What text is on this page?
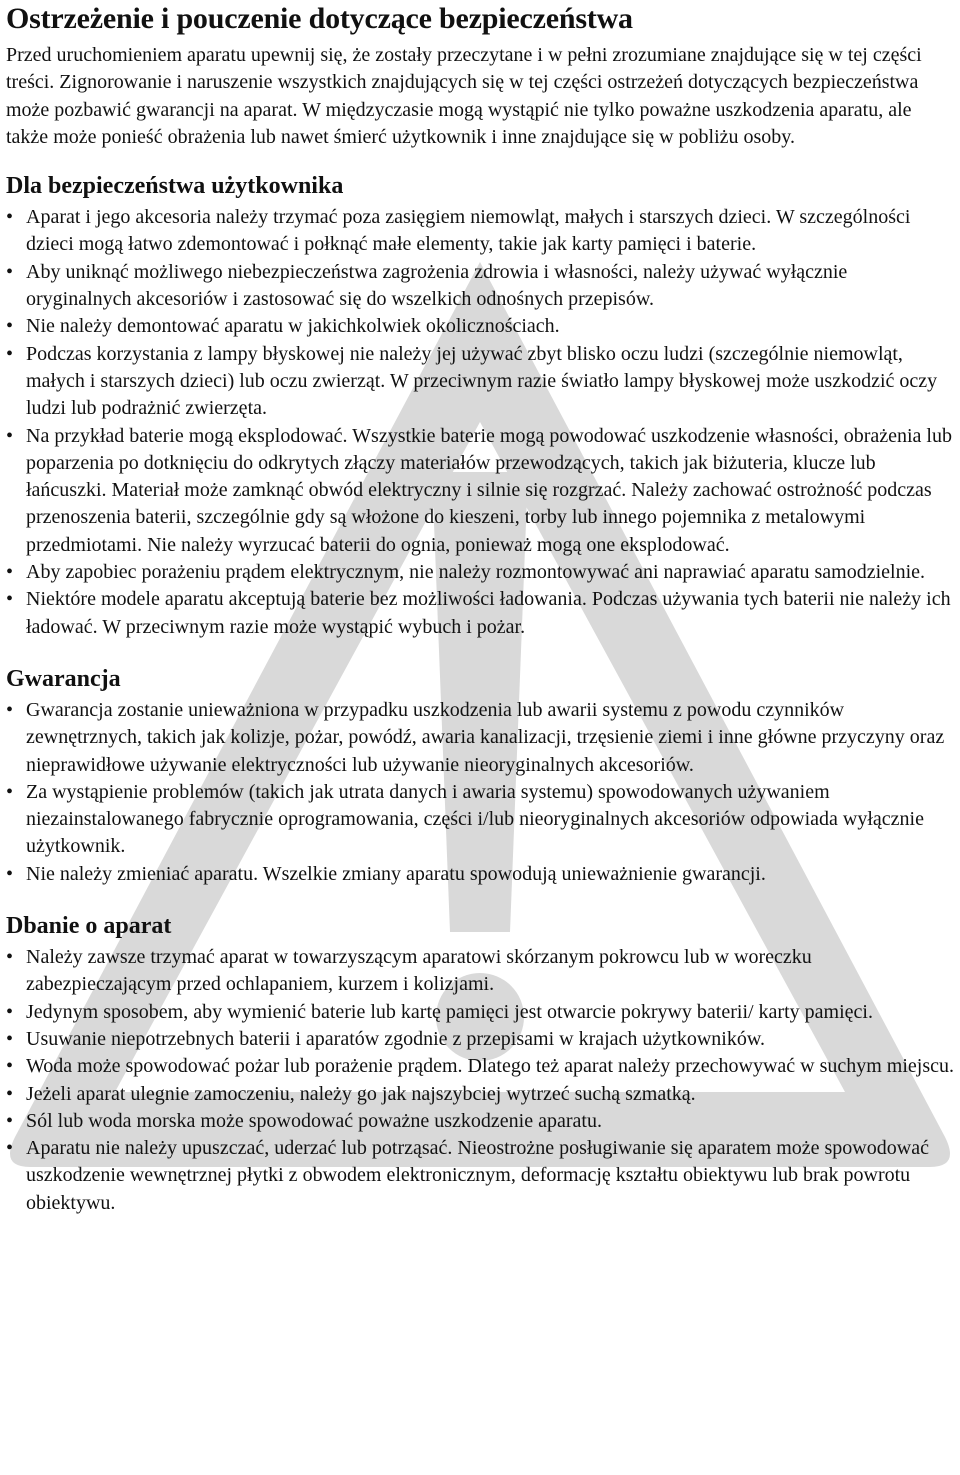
Ostrzeżenie i pouczenie dotyczące bezpieczeństwa

Przed uruchomieniem aparatu upewnij się, że zostały przeczytane i w pełni zrozumiane znajdujące się w tej części treści. Zignorowanie i naruszenie wszystkich znajdujących się w tej części ostrzeżeń dotyczących bezpieczeństwa może pozbawić gwarancji na aparat. W międzyczasie mogą wystąpić nie tylko poważne uszkodzenia aparatu, ale także może ponieść obrażenia lub nawet śmierć użytkownik i inne znajdujące się w pobliżu osoby.

Dla bezpieczeństwa użytkownika
• Aparat i jego akcesoria należy trzymać poza zasięgiem niemowląt, małych i starszych dzieci. W szczególności dzieci mogą łatwo zdemontować i połknąć małe elementy, takie jak karty pamięci i baterie.
• Aby uniknąć możliwego niebezpieczeństwa zagrożenia zdrowia i własności, należy używać wyłącznie oryginalnych akcesoriów i zastosować się do wszelkich odnośnych przepisów.
• Nie należy demontować aparatu w jakichkolwiek okolicznościach.
• Podczas korzystania z lampy błyskowej nie należy jej używać zbyt blisko oczu ludzi (szczególnie niemowląt, małych i starszych dzieci) lub oczu zwierząt. W przeciwnym razie światło lampy błyskowej może uszkodzić oczy ludzi lub podrażnić zwierzęta.
• Na przykład baterie mogą eksplodować. Wszystkie baterie mogą powodować uszkodzenie własności, obrażenia lub poparzenia po dotknięciu do odkrytych złączy materiałów przewodzących, takich jak biżuteria, klucze lub łańcuszki. Materiał może zamknąć obwód elektryczny i silnie się rozgrzać. Należy zachować ostrożność podczas przenoszenia baterii, szczególnie gdy są włożone do kieszeni, torby lub innego pojemnika z metalowymi przedmiotami. Nie należy wyrzucać baterii do ognia, ponieważ mogą one eksplodować.
• Aby zapobiec porażeniu prądem elektrycznym, nie należy rozmontowywać ani naprawiać aparatu samodzielnie.
• Niektóre modele aparatu akceptują baterie bez możliwości ładowania. Podczas używania tych baterii nie należy ich ładować. W przeciwnym razie może wystąpić wybuch i pożar.
Gwarancja
• Gwarancja zostanie unieważniona w przypadku uszkodzenia lub awarii systemu z powodu czynników zewnętrznych, takich jak kolizje, pożar, powódź, awaria kanalizacji, trzęsienie ziemi i inne główne przyczyny oraz nieprawidłowe używanie elektryczności lub używanie nieoryginalnych akcesoriów.
• Za wystąpienie problemów (takich jak utrata danych i awaria systemu) spowodowanych używaniem niezainstalowanego fabrycznie oprogramowania, części i/lub nieoryginalnych akcesoriów odpowiada wyłącznie użytkownik.
• Nie należy zmieniać aparatu. Wszelkie zmiany aparatu spowodują unieważnienie gwarancji.
Dbanie o aparat
• Należy zawsze trzymać aparat w towarzyszącym aparatowi skórzanym pokrowcu lub w woreczku zabezpieczającym przed ochlapaniem, kurzem i kolizjami.
• Jedynym sposobem, aby wymienić baterie lub kartę pamięci jest otwarcie pokrywy baterii/ karty pamięci.
• Usuwanie niepotrzebnych baterii i aparatów zgodnie z przepisami w krajach użytkowników.
• Woda może spowodować pożar lub porażenie prądem. Dlatego też aparat należy przechowywać w suchym miejscu.
• Jeżeli aparat ulegnie zamoczeniu, należy go jak najszybciej wytrzeć suchą szmatką.
• Sól lub woda morska może spowodować poważne uszkodzenie aparatu.
• Aparatu nie należy upuszczać, uderzać lub potrząsać. Nieostrożne posługiwanie się aparatem może spowodować uszkodzenie wewnętrznej płytki z obwodem elektronicznym, deformację kształtu obiektywu lub brak powrotu obiektywu.
